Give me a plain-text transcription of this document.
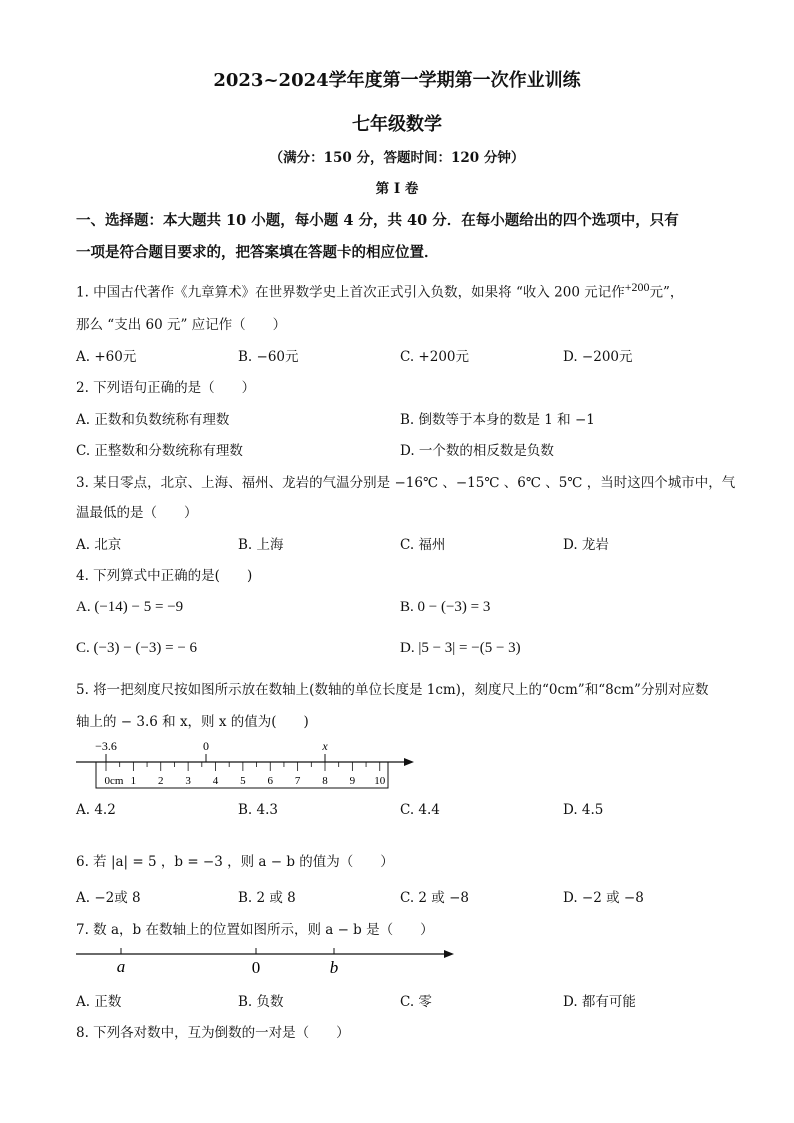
2023~2024学年度第一学期第一次作业训练
七年级数学
（满分：150 分，答题时间：120 分钟）
第 I 卷
一、选择题：本大题共 10 小题，每小题 4 分，共 40 分．在每小题给出的四个选项中，只有
一项是符合题目要求的，把答案填在答题卡的相应位置．
1. 中国古代著作《九章算术》在世界数学史上首次正式引入负数，如果将 “收入 200 元记作$^{+200}$元”，
那么 “支出 60 元” 应记作（　　）
A. +60元	B. −60元	C. +200元	D. −200元
2. 下列语句正确的是（　　）
A. 正数和负数统称有理数	B. 倒数等于本身的数是 1 和 −1
C. 正整数和分数统称有理数	D. 一个数的相反数是负数
3. 某日零点，北京、上海、福州、龙岩的气温分别是 −16℃ 、−15℃ 、6℃ 、5℃ ，当时这四个城市中，气
温最低的是（　　）
A. 北京	B. 上海	C. 福州	D. 龙岩
4. 下列算式中正确的是(　　)
A. (−14) − 5 = −9	B. 0 − (−3) = 3
C. (−3) − (−3) = − 6	D. |5 − 3| = −(5 − 3)
5. 将一把刻度尺按如图所示放在数轴上(数轴的单位长度是 1cm)，刻度尺上的“0cm”和“8cm”分别对应数
轴上的 − 3.6 和 x，则 x 的值为(　　)
−3.6	0	x
0cm 1 2 3 4 5 6 7 8 9 10
A. 4.2	B. 4.3	C. 4.4	D. 4.5
6. 若 |a| = 5 ，b = −3 ，则 a − b 的值为（　　）
A. −2或 8	B. 2 或 8	C. 2 或 −8	D. −2 或 −8
7. 数 a，b 在数轴上的位置如图所示，则 a − b 是（　　）
a	0	b
A. 正数	B. 负数	C. 零	D. 都有可能
8. 下列各对数中，互为倒数的一对是（　　）
